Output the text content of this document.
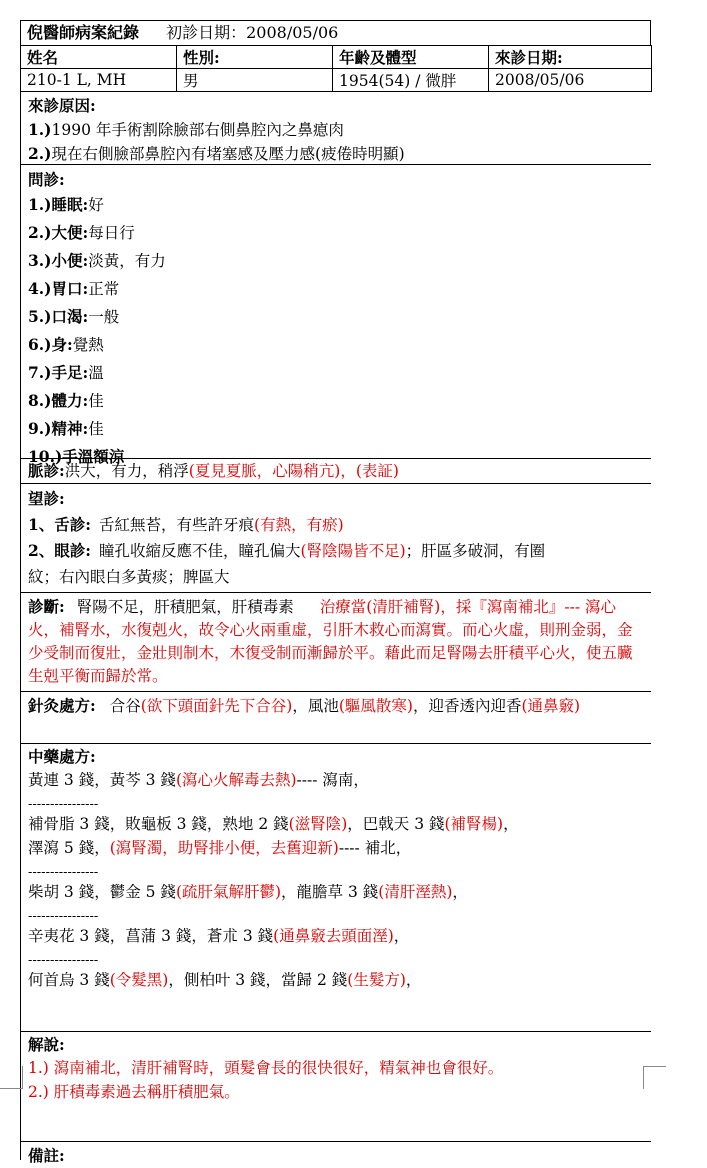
倪醫師病案紀錄 初診日期：2008/05/06
姓名	性別:	年齡及體型	來診日期:
210-1 L, MH	男	1954(54) / 微胖	2008/05/06
來診原因:
1.)1990 年手術割除臉部右側鼻腔內之鼻瘜肉
2.)現在右側臉部鼻腔內有堵塞感及壓力感(疲倦時明顯)
問診:
1.)睡眠:好
2.)大便:每日行
3.)小便:淡黃，有力
4.)胃口:正常
5.)口渴:一般
6.)身:覺熱
7.)手足:溫
8.)體力:佳
9.)精神:佳
10.)手溫額涼
脈診:洪大，有力，稍浮(夏見夏脈，心陽稍亢)，(表証)
望診:
1、舌診: 舌紅無苔，有些許牙痕(有熱，有瘀)
2、眼診: 瞳孔收縮反應不佳，瞳孔偏大(腎陰陽皆不足)；肝區多破洞，有圈
紋；右內眼白多黃痰；脾區大
診斷: 腎陽不足，肝積肥氣，肝積毒素 治療當(清肝補腎)，採『瀉南補北』--- 瀉心火，補腎水，水復剋火，故令心火兩重虛，引肝木救心而瀉實。而心火虛，則刑金弱，金少受制而復壯，金壯則制木，木復受制而漸歸於平。藉此而足腎陽去肝積平心火，使五臟生剋平衡而歸於常。
針灸處方: 合谷(欲下頭面針先下合谷)，風池(驅風散寒)，迎香透內迎香(通鼻竅)
中藥處方:
黃連 3 錢，黃芩 3 錢(瀉心火解毒去熱)---- 瀉南，
----------------
補骨脂 3 錢，敗龜板 3 錢，熟地 2 錢(滋腎陰)，巴戟天 3 錢(補腎楊)，
澤瀉 5 錢，(瀉腎濁，助腎排小便，去舊迎新)---- 補北，
----------------
柴胡 3 錢，鬱金 5 錢(疏肝氣解肝鬱)，龍膽草 3 錢(清肝溼熱)，
----------------
辛夷花 3 錢，菖蒲 3 錢，蒼朮 3 錢(通鼻竅去頭面溼)，
----------------
何首烏 3 錢(令髮黑)，側柏叶 3 錢，當歸 2 錢(生髮方)，
解說:
1.) 瀉南補北，清肝補腎時，頭髮會長的很快很好，精氣神也會很好。
2.) 肝積毒素過去稱肝積肥氣。
備註:
